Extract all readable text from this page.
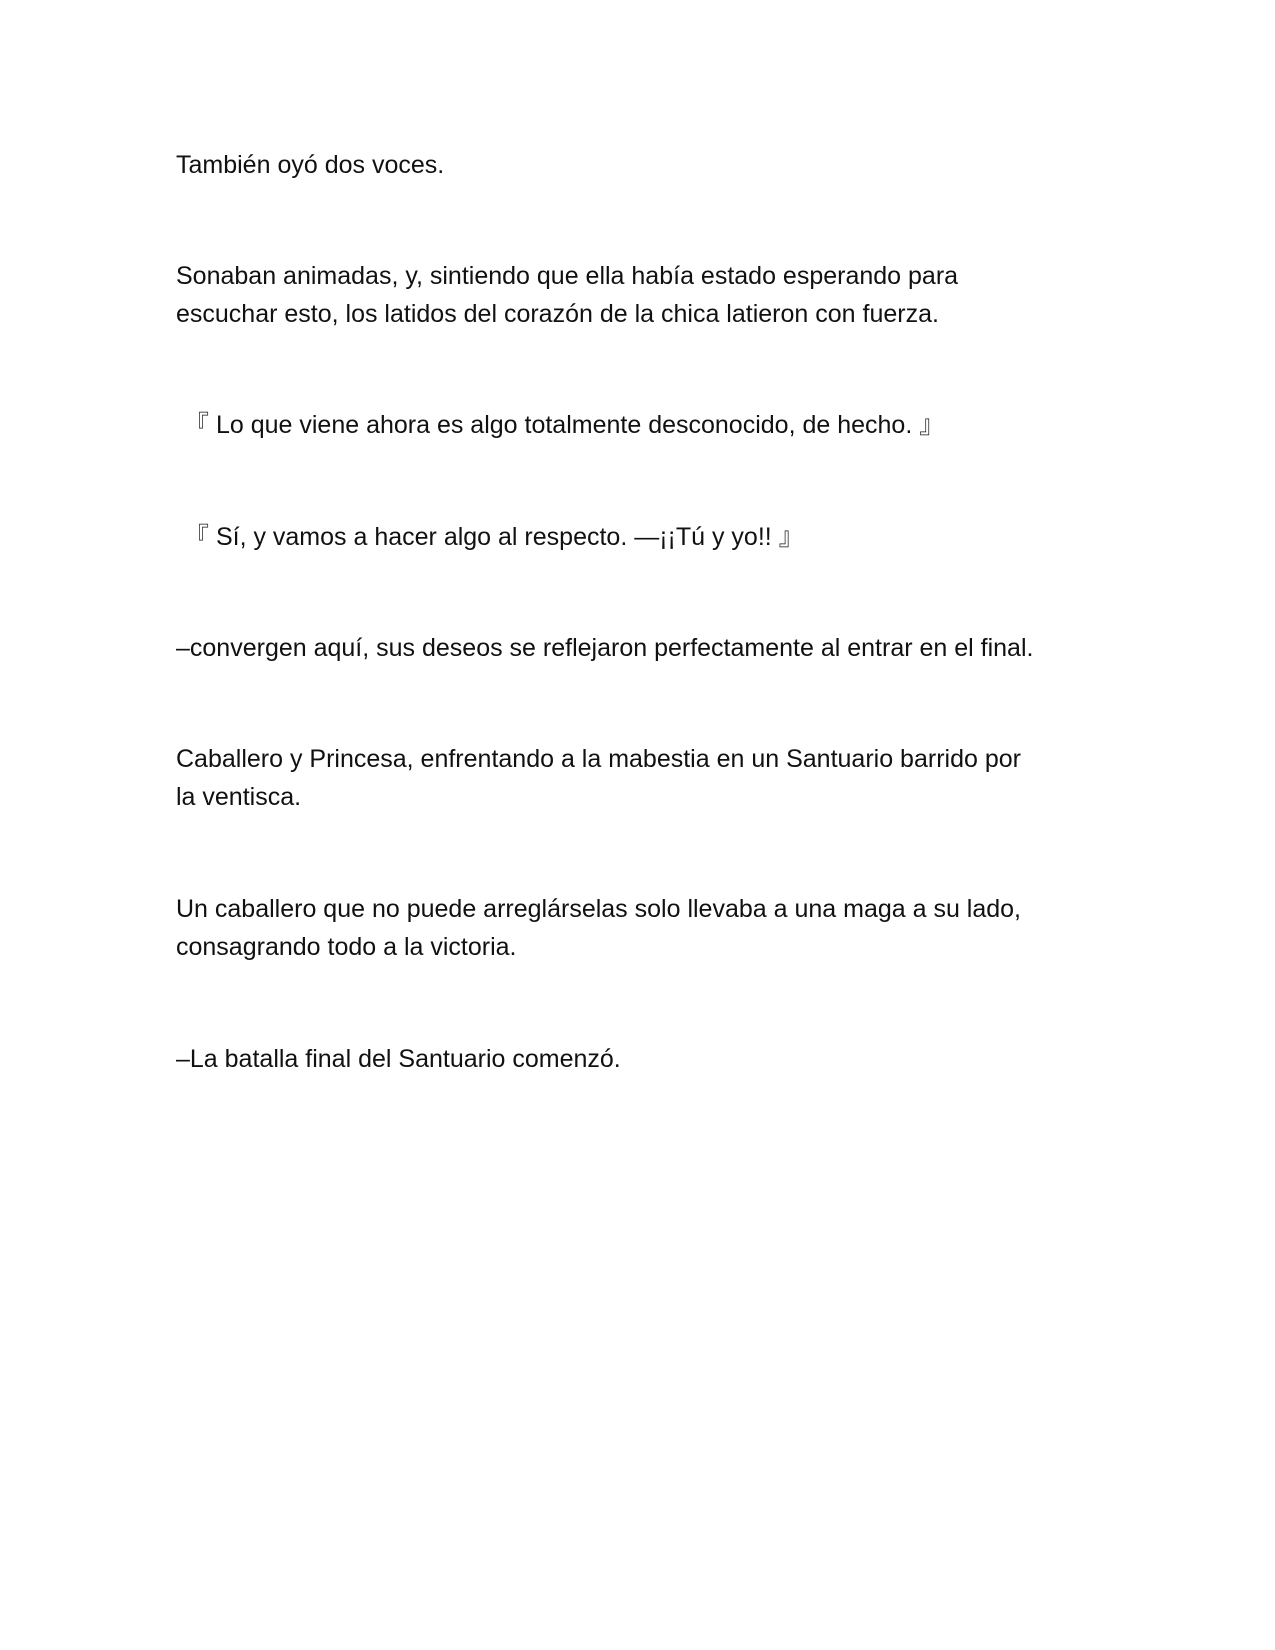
También oyó dos voces.

Sonaban animadas, y, sintiendo que ella había estado esperando para
escuchar esto, los latidos del corazón de la chica latieron con fuerza.

『 Lo que viene ahora es algo totalmente desconocido, de hecho. 』

『 Sí, y vamos a hacer algo al respecto. —¡¡Tú y yo!! 』

–convergen aquí, sus deseos se reflejaron perfectamente al entrar en el final.

Caballero y Princesa, enfrentando a la mabestia en un Santuario barrido por
la ventisca.

Un caballero que no puede arreglárselas solo llevaba a una maga a su lado,
consagrando todo a la victoria.

–La batalla final del Santuario comenzó.
